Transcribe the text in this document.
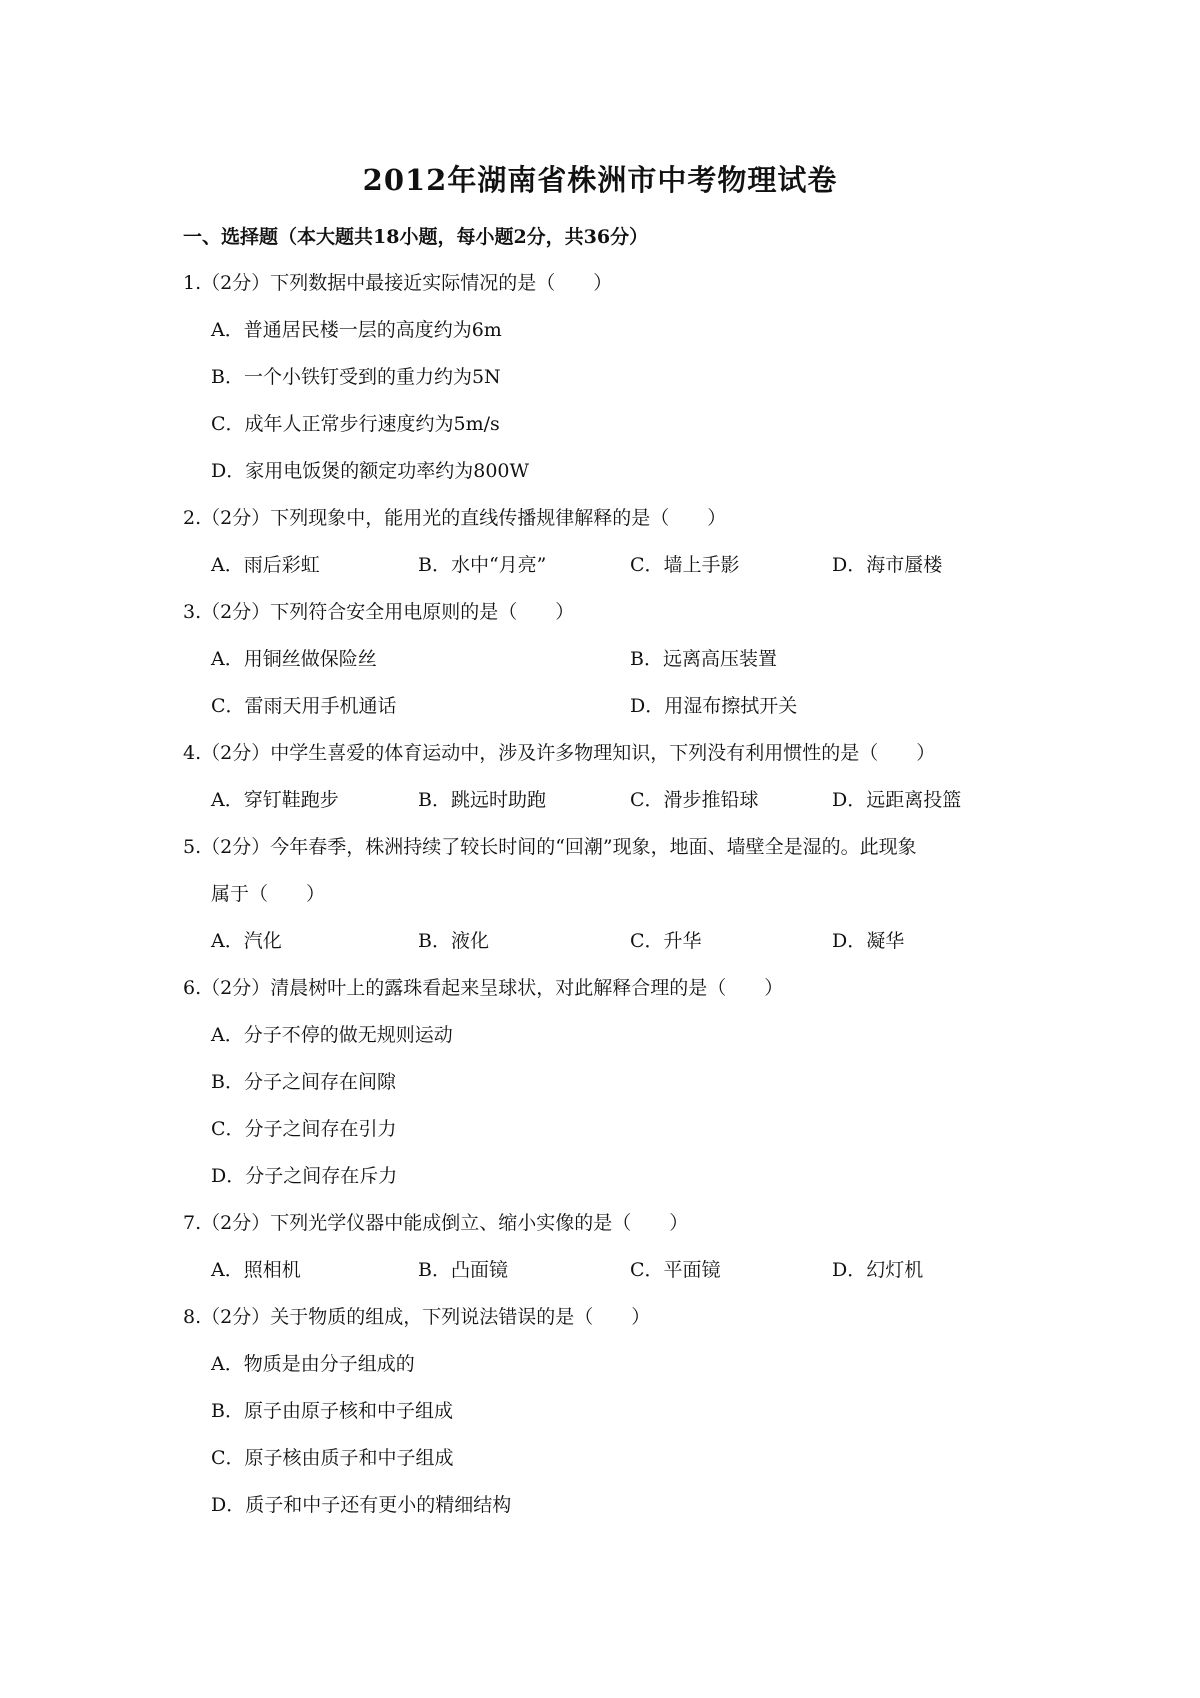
2012年湖南省株洲市中考物理试卷
一、选择题（本大题共18小题，每小题2分，共36分）
1.（2分）下列数据中最接近实际情况的是（　　）
A．普通居民楼一层的高度约为6m
B．一个小铁钉受到的重力约为5N
C．成年人正常步行速度约为5m/s
D．家用电饭煲的额定功率约为800W
2.（2分）下列现象中，能用光的直线传播规律解释的是（　　）
A．雨后彩虹	B．水中“月亮”	C．墙上手影	D．海市蜃楼
3.（2分）下列符合安全用电原则的是（　　）
A．用铜丝做保险丝	B．远离高压装置
C．雷雨天用手机通话	D．用湿布擦拭开关
4.（2分）中学生喜爱的体育运动中，涉及许多物理知识，下列没有利用惯性的是（　　）
A．穿钉鞋跑步	B．跳远时助跑	C．滑步推铅球	D．远距离投篮
5.（2分）今年春季，株洲持续了较长时间的“回潮”现象，地面、墙壁全是湿的。此现象
属于（　　）
A．汽化	B．液化	C．升华	D．凝华
6.（2分）清晨树叶上的露珠看起来呈球状，对此解释合理的是（　　）
A．分子不停的做无规则运动
B．分子之间存在间隙
C．分子之间存在引力
D．分子之间存在斥力
7.（2分）下列光学仪器中能成倒立、缩小实像的是（　　）
A．照相机	B．凸面镜	C．平面镜	D．幻灯机
8.（2分）关于物质的组成，下列说法错误的是（　　）
A．物质是由分子组成的
B．原子由原子核和中子组成
C．原子核由质子和中子组成
D．质子和中子还有更小的精细结构
